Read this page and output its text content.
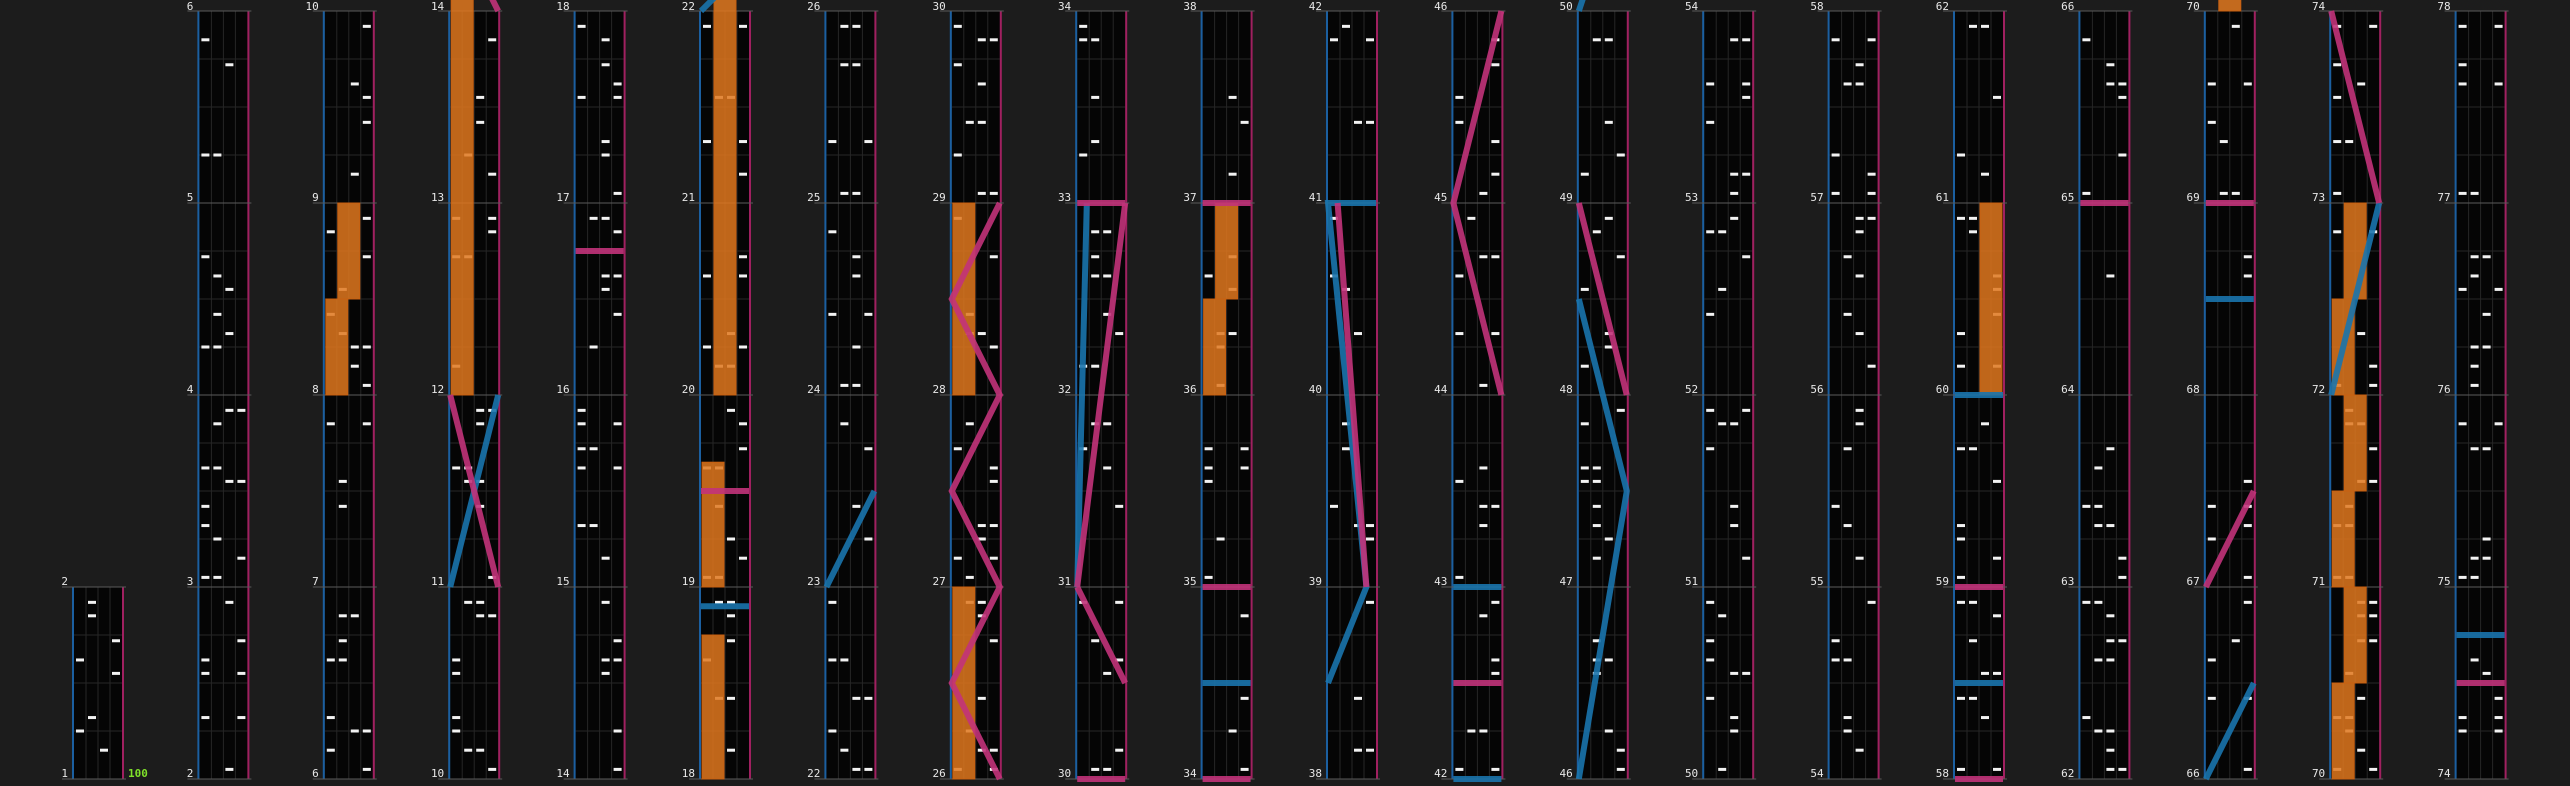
1
2
2
3
4
5
6
6
7
8
9
10
10
11
12
13
14
14
15
16
17
18
18
19
20
21
22
22
23
24
25
26
26
27
28
29
30
30
31
32
33
34
34
35
36
37
38
38
39
40
41
42
42
43
44
45
46
46
47
48
49
50
50
51
52
53
54
54
55
56
57
58
58
59
60
61
62
62
63
64
65
66
66
67
68
69
70
70
71
72
73
74
74
75
76
77
78
100
